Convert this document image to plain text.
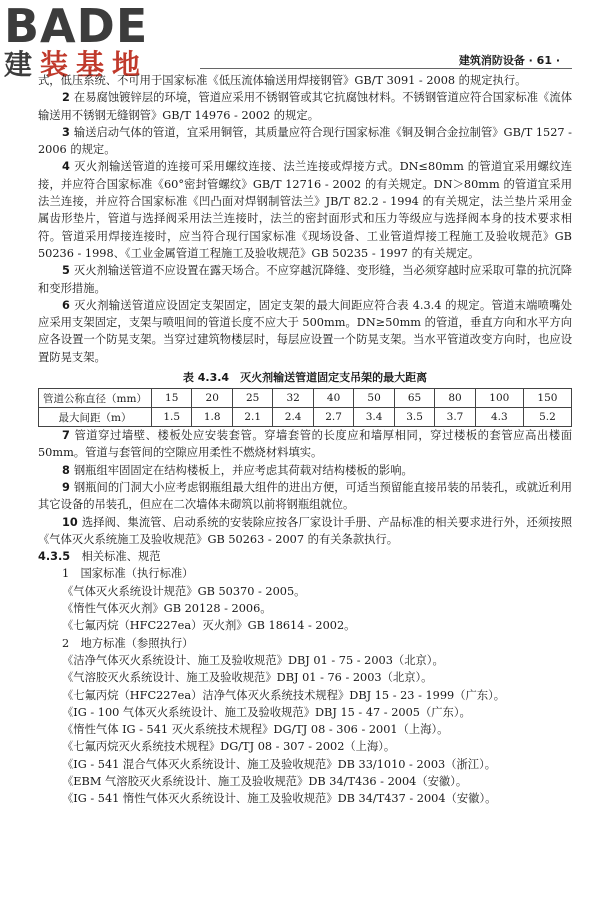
BADE
建装基地	建筑消防设备 · 61 ·

式，低压系统、不可用于国家标准《低压流体输送用焊接钢管》GB/T 3091 - 2008 的规定执行。

2 在易腐蚀镀锌层的环境，管道应采用不锈钢管或其它抗腐蚀材料。不锈钢管道应符合国家标准《流体输送用不锈钢无缝钢管》GB/T 14976 - 2002 的规定。

3 输送启动气体的管道，宜采用铜管，其质量应符合现行国家标准《铜及铜合金拉制管》GB/T 1527 - 2006 的规定。

4 灭火剂输送管道的连接可采用螺纹连接、法兰连接或焊接方式。DN≤80mm 的管道宜采用螺纹连接，并应符合国家标准《60°密封管螺纹》GB/T 12716 - 2002 的有关规定。DN＞80mm 的管道宜采用法兰连接，并应符合国家标准《凹凸面对焊钢制管法兰》JB/T 82.2 - 1994 的有关规定，法兰垫片采用金属齿形垫片，管道与选择阀采用法兰连接时，法兰的密封面形式和压力等级应与选择阀本身的技术要求相符。管道采用焊接连接时，应当符合现行国家标准《现场设备、工业管道焊接工程施工及验收规范》GB 50236 - 1998、《工业金属管道工程施工及验收规范》GB 50235 - 1997 的有关规定。

5 灭火剂输送管道不应设置在露天场合。不应穿越沉降缝、变形缝，当必须穿越时应采取可靠的抗沉降和变形措施。

6 灭火剂输送管道应设固定支架固定，固定支架的最大间距应符合表 4.3.4 的规定。管道末端喷嘴处应采用支架固定，支架与喷咀间的管道长度不应大于 500mm。DN≥50mm 的管道，垂直方向和水平方向应各设置一个防晃支架。当穿过建筑物楼层时，每层应设置一个防晃支架。当水平管道改变方向时，也应设置防晃支架。

表 4.3.4　灭火剂输送管道固定支吊架的最大距离
管道公称直径（mm）	15	20	25	32	40	50	65	80	100	150
最大间距（m）	1.5	1.8	2.1	2.4	2.7	3.4	3.5	3.7	4.3	5.2

7 管道穿过墙壁、楼板处应安装套管。穿墙套管的长度应和墙厚相同，穿过楼板的套管应高出楼面 50mm。管道与套管间的空隙应用柔性不燃烧材料填实。

8 钢瓶组牢固固定在结构楼板上，并应考虑其荷载对结构楼板的影响。

9 钢瓶间的门洞大小应考虑钢瓶组最大组件的进出方便，可适当预留能直接吊装的吊装孔，或就近利用其它设备的吊装孔，但应在二次墙体未砌筑以前将钢瓶组就位。

10 选择阀、集流管、启动系统的安装除应按各厂家设计手册、产品标准的相关要求进行外，还须按照《气体灭火系统施工及验收规范》GB 50263 - 2007 的有关条款执行。

4.3.5　 相关标准、规范

1　国家标准（执行标准）

《气体灭火系统设计规范》GB 50370 - 2005。

《惰性气体灭火剂》GB 20128 - 2006。

《七氟丙烷（HFC227ea）灭火剂》GB 18614 - 2002。

2　地方标准（参照执行）

《洁净气体灭火系统设计、施工及验收规范》DBJ 01 - 75 - 2003（北京）。

《气溶胶灭火系统设计、施工及验收规范》DBJ 01 - 76 - 2003（北京）。

《七氟丙烷（HFC227ea）洁净气体灭火系统技术规程》DBJ 15 - 23 - 1999（广东）。

《IG - 100 气体灭火系统设计、施工及验收规范》DBJ 15 - 47 - 2005（广东）。

《惰性气体 IG - 541 灭火系统技术规程》DG/TJ 08 - 306 - 2001（上海）。

《七氟丙烷灭火系统技术规程》DG/TJ 08 - 307 - 2002（上海）。

《IG - 541 混合气体灭火系统设计、施工及验收规范》DB 33/1010 - 2003（浙江）。

《EBM 气溶胶灭火系统设计、施工及验收规范》DB 34/T436 - 2004（安徽）。

《IG - 541 惰性气体灭火系统设计、施工及验收规范》DB 34/T437 - 2004（安徽）。
